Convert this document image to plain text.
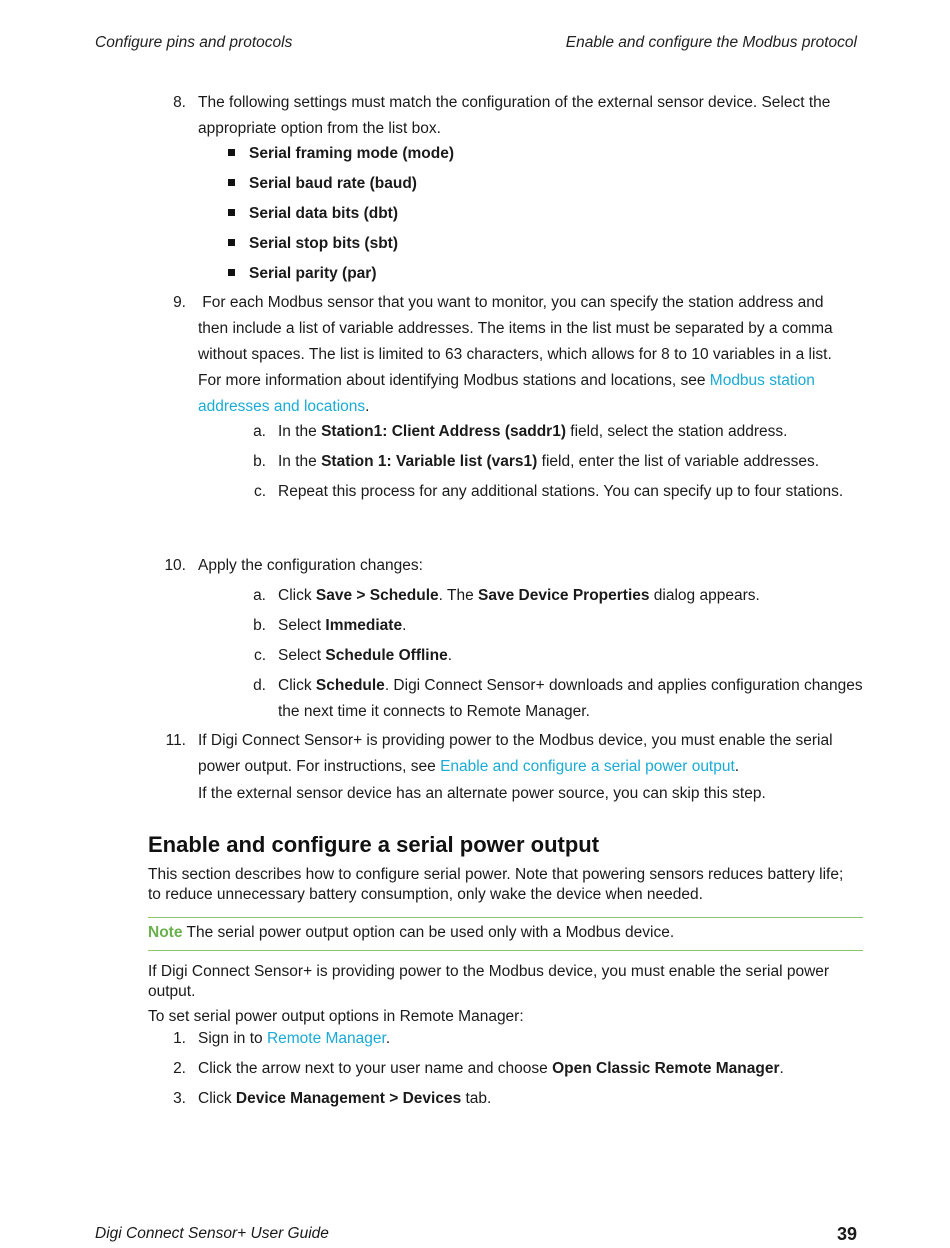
Configure pins and protocols	Enable and configure the Modbus protocol
8. The following settings must match the configuration of the external sensor device. Select the
appropriate option from the list box.
Serial framing mode (mode)
Serial baud rate (baud)
Serial data bits (dbt)
Serial stop bits (sbt)
Serial parity (par)
9. For each Modbus sensor that you want to monitor, you can specify the station address and
then include a list of variable addresses. The items in the list must be separated by a comma
without spaces. The list is limited to 63 characters, which allows for 8 to 10 variables in a list.
For more information about identifying Modbus stations and locations, see Modbus station
addresses and locations.
a. In the Station1: Client Address (saddr1) field, select the station address.
b. In the Station 1: Variable list (vars1) field, enter the list of variable addresses.
c. Repeat this process for any additional stations. You can specify up to four stations.
10. Apply the configuration changes:
a. Click Save > Schedule. The Save Device Properties dialog appears.
b. Select Immediate.
c. Select Schedule Offline.
d. Click Schedule. Digi Connect Sensor+ downloads and applies configuration changes
the next time it connects to Remote Manager.
11. If Digi Connect Sensor+ is providing power to the Modbus device, you must enable the serial
power output. For instructions, see Enable and configure a serial power output.
If the external sensor device has an alternate power source, you can skip this step.
Enable and configure a serial power output
This section describes how to configure serial power. Note that powering sensors reduces battery life;
to reduce unnecessary battery consumption, only wake the device when needed.
Note The serial power output option can be used only with a Modbus device.
If Digi Connect Sensor+ is providing power to the Modbus device, you must enable the serial power
output.
To set serial power output options in Remote Manager:
1. Sign in to Remote Manager.
2. Click the arrow next to your user name and choose Open Classic Remote Manager.
3. Click Device Management > Devices tab.
Digi Connect Sensor+ User Guide	39
